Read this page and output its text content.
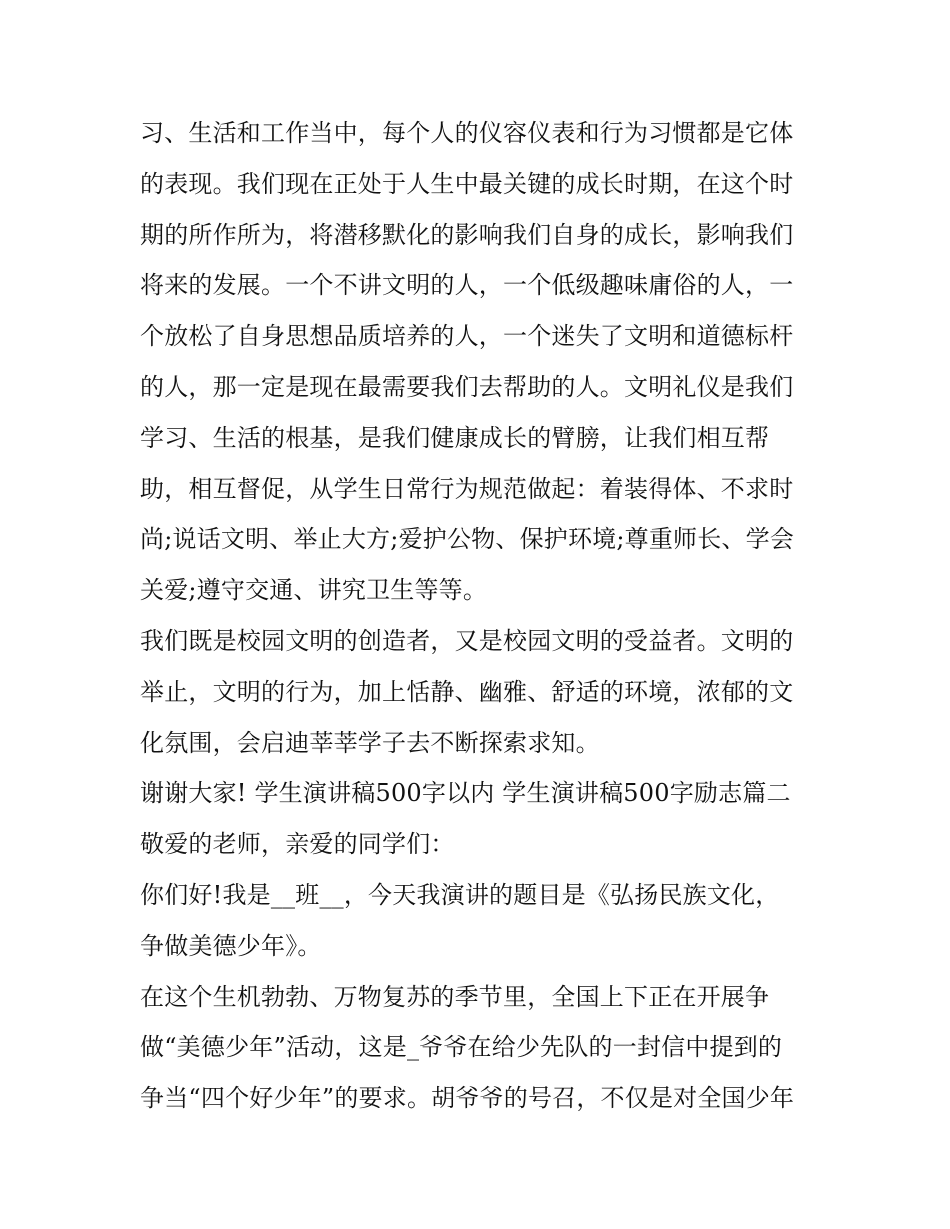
习、生活和工作当中，每个人的仪容仪表和行为习惯都是它体
的表现。我们现在正处于人生中最关键的成长时期，在这个时
期的所作所为，将潜移默化的影响我们自身的成长，影响我们
将来的发展。一个不讲文明的人，一个低级趣味庸俗的人，一
个放松了自身思想品质培养的人，一个迷失了文明和道德标杆
的人，那一定是现在最需要我们去帮助的人。文明礼仪是我们
学习、生活的根基，是我们健康成长的臂膀，让我们相互帮
助，相互督促，从学生日常行为规范做起：着装得体、不求时
尚;说话文明、举止大方;爱护公物、保护环境;尊重师长、学会
关爱;遵守交通、讲究卫生等等。
我们既是校园文明的创造者，又是校园文明的受益者。文明的
举止，文明的行为，加上恬静、幽雅、舒适的环境，浓郁的文
化氛围，会启迪莘莘学子去不断探索求知。
谢谢大家! 学生演讲稿500字以内 学生演讲稿500字励志篇二
敬爱的老师，亲爱的同学们：
你们好!我是__班__，今天我演讲的题目是《弘扬民族文化，
争做美德少年》。
在这个生机勃勃、万物复苏的季节里，全国上下正在开展争
做“美德少年”活动，这是_爷爷在给少先队的一封信中提到的
争当“四个好少年”的要求。胡爷爷的号召，不仅是对全国少年
